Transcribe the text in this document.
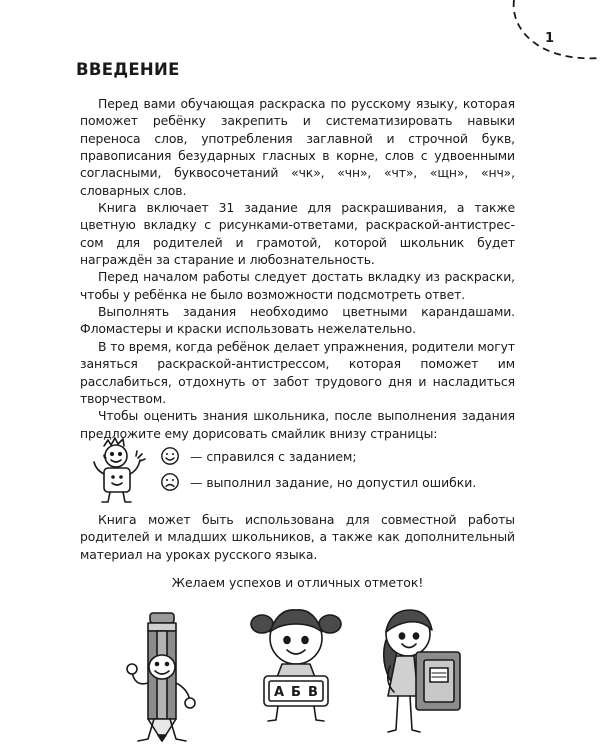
1
ВВЕДЕНИЕ

Перед вами обучающая раскраска по русскому языку, которая поможет ребёнку закрепить и систематизировать навыки переноса слов, употребления заглавной и строчной букв, правописания безударных гласных в корне, слов с удвоенными согласными, буквосочетаний «чк», «чн», «чт», «щн», «нч», словарных слов.

Книга включает 31 задание для раскрашивания, а также цветную вкладку с рисунками-ответами, раскраской-антистрессом для родителей и грамотой, которой школьник будет награждён за старание и любознательность.

Перед началом работы следует достать вкладку из раскраски, чтобы у ребёнка не было возможности подсмотреть ответ.

Выполнять задания необходимо цветными карандашами. Фломастеры и краски использовать нежелательно.

В то время, когда ребёнок делает упражнения, родители могут заняться раскраской-антистрессом, которая поможет им расслабиться, отдохнуть от забот трудового дня и насладиться творчеством.

Чтобы оценить знания школьника, после выполнения задания предложите ему дорисовать смайлик внизу страницы:

— справился с заданием;
— выполнил задание, но допустил ошибки.

Книга может быть использована для совместной работы родителей и младших школьников, а также как дополнительный материал на уроках русского языка.

Желаем успехов и отличных отметок!
А Б В
